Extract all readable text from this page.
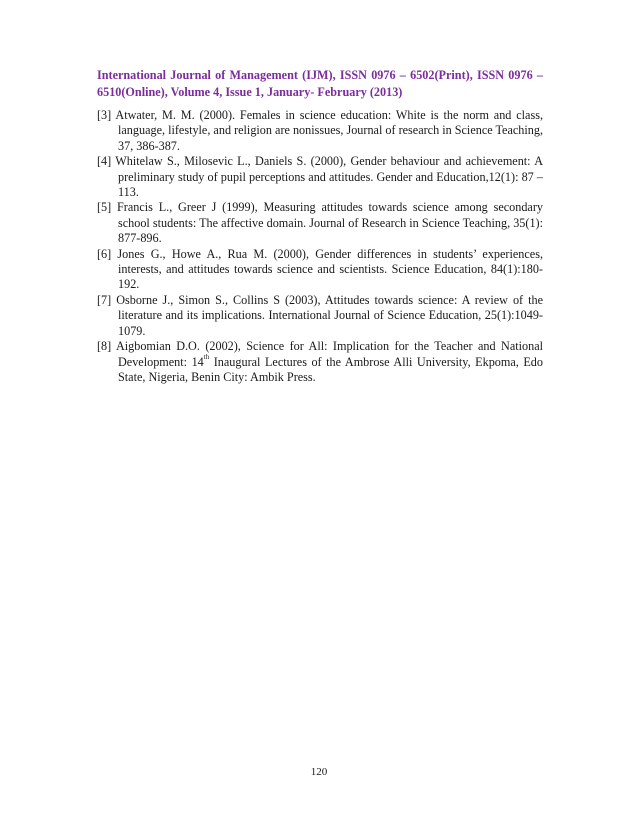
International Journal of Management (IJM), ISSN 0976 – 6502(Print), ISSN 0976 – 6510(Online), Volume 4, Issue 1, January- February (2013)
[3] Atwater, M. M. (2000). Females in science education: White is the norm and class, language, lifestyle, and religion are nonissues, Journal of research in Science Teaching, 37, 386-387.
[4] Whitelaw S., Milosevic L., Daniels S. (2000), Gender behaviour and achievement: A preliminary study of pupil perceptions and attitudes. Gender and Education,12(1): 87 – 113.
[5] Francis L., Greer J (1999), Measuring attitudes towards science among secondary school students: The affective domain. Journal of Research in Science Teaching, 35(1): 877-896.
[6] Jones G., Howe A., Rua M. (2000), Gender differences in students’ experiences, interests, and attitudes towards science and scientists. Science Education, 84(1):180-192.
[7] Osborne J., Simon S., Collins S (2003), Attitudes towards science: A review of the literature and its implications. International Journal of Science Education, 25(1):1049-1079.
[8] Aigbomian D.O. (2002), Science for All: Implication for the Teacher and National Development: 14th Inaugural Lectures of the Ambrose Alli University, Ekpoma, Edo State, Nigeria, Benin City: Ambik Press.
120
